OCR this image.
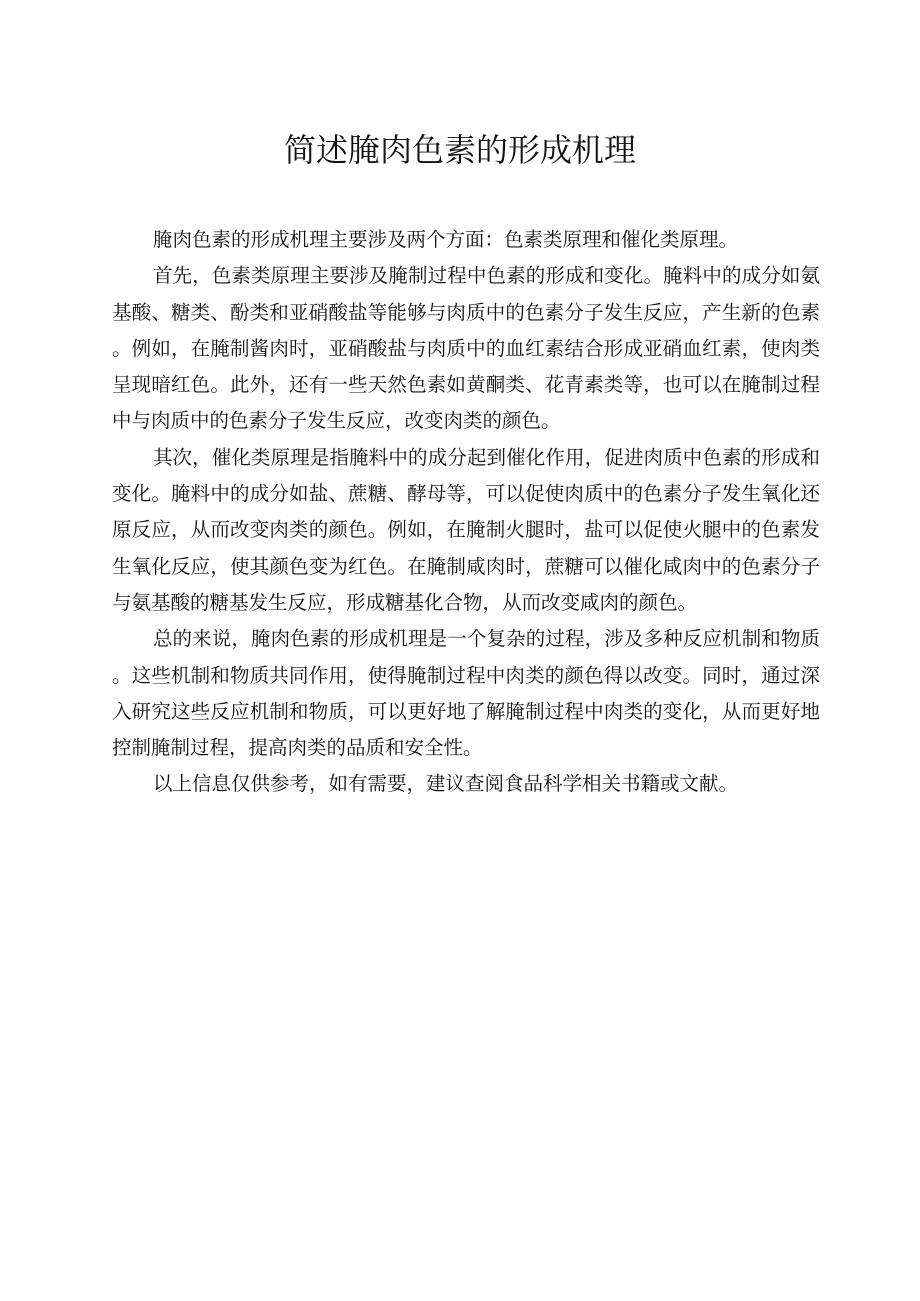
简述腌肉色素的形成机理

腌肉色素的形成机理主要涉及两个方面：色素类原理和催化类原理。

首先，色素类原理主要涉及腌制过程中色素的形成和变化。腌料中的成分如氨基酸、糖类、酚类和亚硝酸盐等能够与肉质中的色素分子发生反应，产生新的色素。例如，在腌制酱肉时，亚硝酸盐与肉质中的血红素结合形成亚硝血红素，使肉类呈现暗红色。此外，还有一些天然色素如黄酮类、花青素类等，也可以在腌制过程中与肉质中的色素分子发生反应，改变肉类的颜色。

其次，催化类原理是指腌料中的成分起到催化作用，促进肉质中色素的形成和变化。腌料中的成分如盐、蔗糖、酵母等，可以促使肉质中的色素分子发生氧化还原反应，从而改变肉类的颜色。例如，在腌制火腿时，盐可以促使火腿中的色素发生氧化反应，使其颜色变为红色。在腌制咸肉时，蔗糖可以催化咸肉中的色素分子与氨基酸的糖基发生反应，形成糖基化合物，从而改变咸肉的颜色。

总的来说，腌肉色素的形成机理是一个复杂的过程，涉及多种反应机制和物质。这些机制和物质共同作用，使得腌制过程中肉类的颜色得以改变。同时，通过深入研究这些反应机制和物质，可以更好地了解腌制过程中肉类的变化，从而更好地控制腌制过程，提高肉类的品质和安全性。

以上信息仅供参考，如有需要，建议查阅食品科学相关书籍或文献。
